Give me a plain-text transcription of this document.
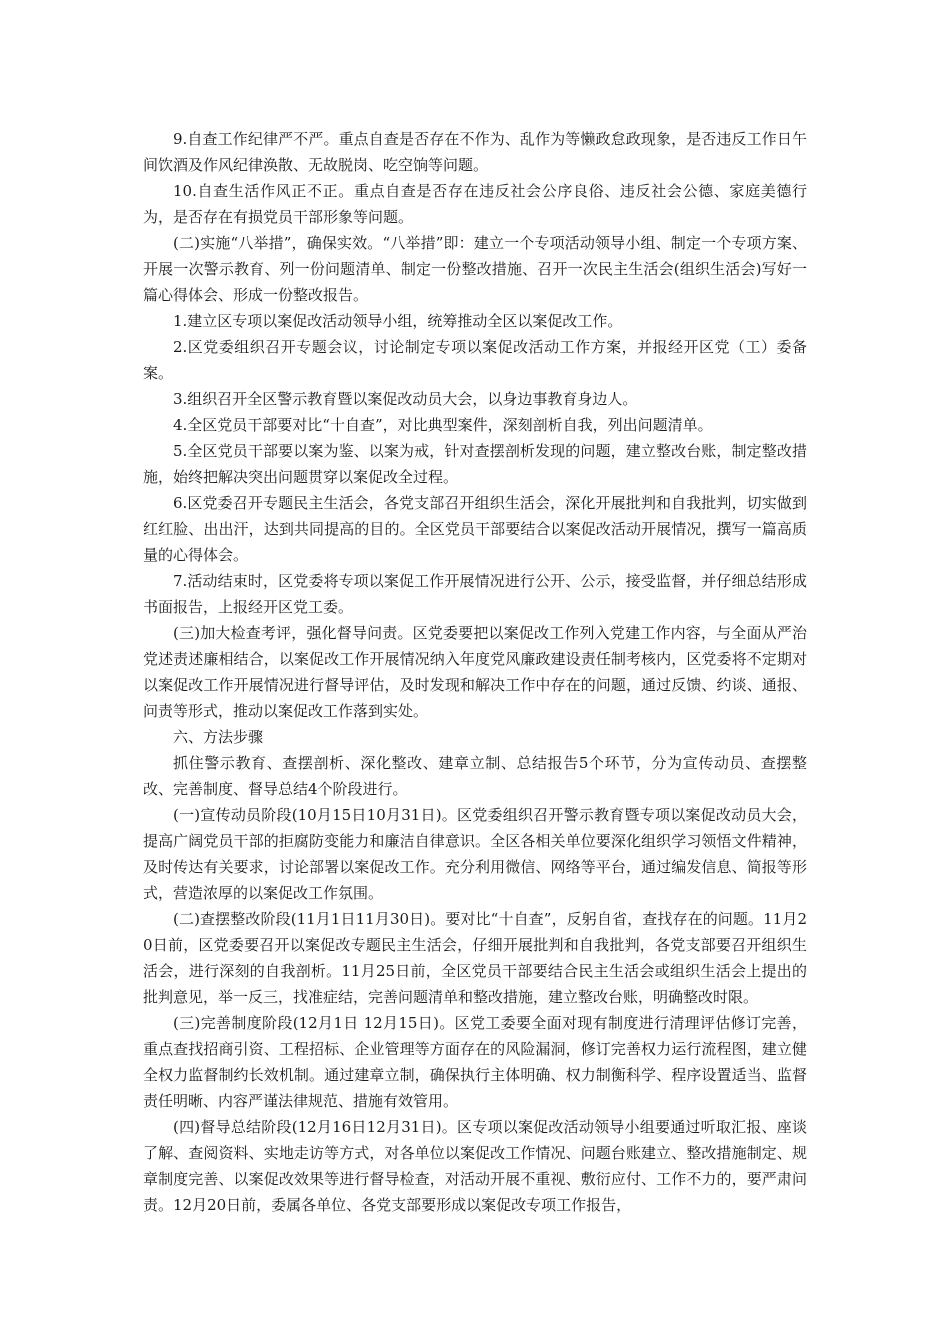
9.自查工作纪律严不严。重点自查是否存在不作为、乱作为等懒政怠政现象，是否违反工作日午间饮酒及作风纪律涣散、无故脱岗、吃空饷等问题。

10.自查生活作风正不正。重点自查是否存在违反社会公序良俗、违反社会公德、家庭美德行为，是否存在有损党员干部形象等问题。

(二)实施“八举措”，确保实效。“八举措”即：建立一个专项活动领导小组、制定一个专项方案、开展一次警示教育、列一份问题清单、制定一份整改措施、召开一次民主生活会(组织生活会)写好一篇心得体会、形成一份整改报告。

1.建立区专项以案促改活动领导小组，统筹推动全区以案促改工作。

2.区党委组织召开专题会议，讨论制定专项以案促改活动工作方案，并报经开区党（工）委备案。

3.组织召开全区警示教育暨以案促改动员大会，以身边事教育身边人。

4.全区党员干部要对比“十自查”，对比典型案件，深刻剖析自我，列出问题清单。

5.全区党员干部要以案为鉴、以案为戒，针对查摆剖析发现的问题，建立整改台账，制定整改措施，始终把解决突出问题贯穿以案促改全过程。

6.区党委召开专题民主生活会，各党支部召开组织生活会，深化开展批判和自我批判，切实做到红红脸、出出汗，达到共同提高的目的。全区党员干部要结合以案促改活动开展情况，撰写一篇高质量的心得体会。

7.活动结束时，区党委将专项以案促工作开展情况进行公开、公示，接受监督，并仔细总结形成书面报告，上报经开区党工委。

(三)加大检查考评，强化督导问责。区党委要把以案促改工作列入党建工作内容，与全面从严治党述责述廉相结合，以案促改工作开展情况纳入年度党风廉政建设责任制考核内，区党委将不定期对以案促改工作开展情况进行督导评估，及时发现和解决工作中存在的问题，通过反馈、约谈、通报、问责等形式，推动以案促改工作落到实处。

六、方法步骤

抓住警示教育、查摆剖析、深化整改、建章立制、总结报告5个环节，分为宣传动员、查摆整改、完善制度、督导总结4个阶段进行。

(一)宣传动员阶段(10月15日10月31日)。区党委组织召开警示教育暨专项以案促改动员大会，提高广阔党员干部的拒腐防变能力和廉洁自律意识。全区各相关单位要深化组织学习领悟文件精神，及时传达有关要求，讨论部署以案促改工作。充分利用微信、网络等平台，通过编发信息、简报等形式，营造浓厚的以案促改工作氛围。

(二)查摆整改阶段(11月1日11月30日)。要对比“十自查”，反躬自省，查找存在的问题。11月20日前，区党委要召开以案促改专题民主生活会，仔细开展批判和自我批判，各党支部要召开组织生活会，进行深刻的自我剖析。11月25日前，全区党员干部要结合民主生活会或组织生活会上提出的批判意见，举一反三，找准症结，完善问题清单和整改措施，建立整改台账，明确整改时限。

(三)完善制度阶段(12月1日 12月15日)。区党工委要全面对现有制度进行清理评估修订完善，重点查找招商引资、工程招标、企业管理等方面存在的风险漏洞，修订完善权力运行流程图，建立健全权力监督制约长效机制。通过建章立制，确保执行主体明确、权力制衡科学、程序设置适当、监督责任明晰、内容严谨法律规范、措施有效管用。

(四)督导总结阶段(12月16日12月31日)。区专项以案促改活动领导小组要通过听取汇报、座谈了解、查阅资料、实地走访等方式，对各单位以案促改工作情况、问题台账建立、整改措施制定、规章制度完善、以案促改效果等进行督导检查，对活动开展不重视、敷衍应付、工作不力的，要严肃问责。12月20日前，委属各单位、各党支部要形成以案促改专项工作报告，
